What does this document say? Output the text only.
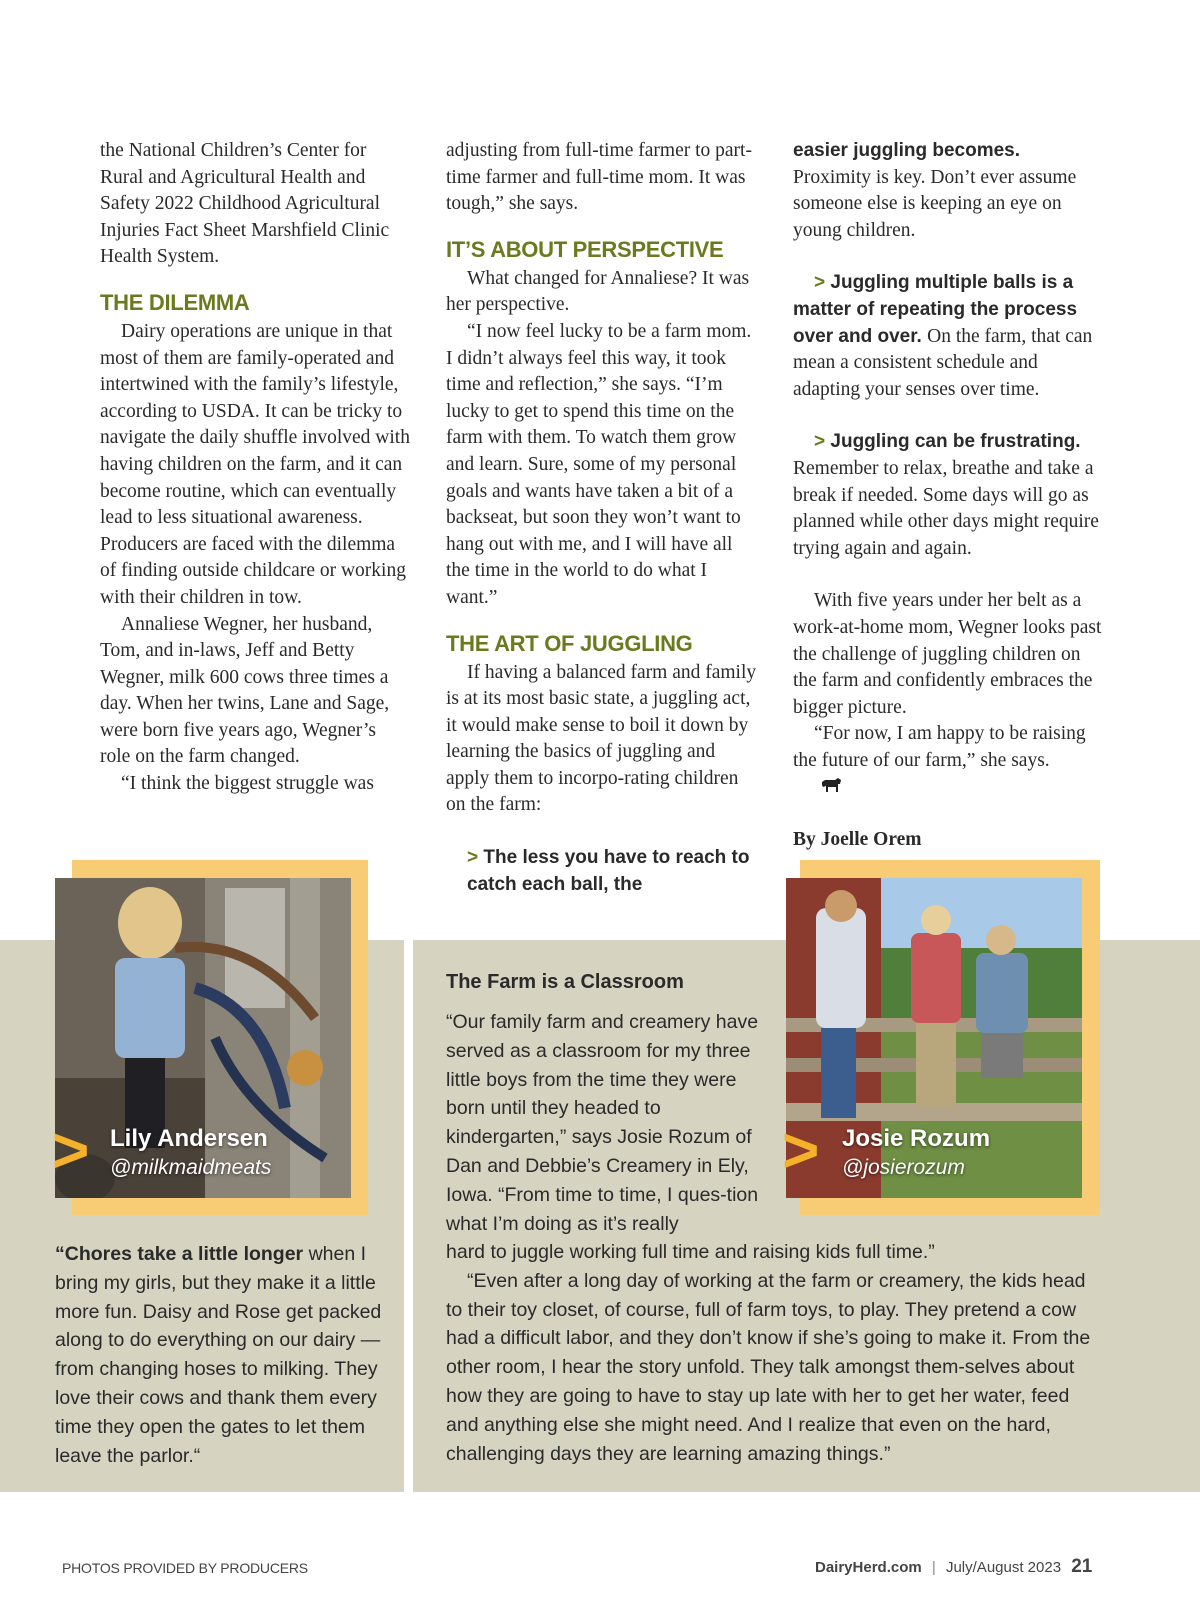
the National Children’s Center for Rural and Agricultural Health and Safety 2022 Childhood Agricultural Injuries Fact Sheet Marshfield Clinic Health System.

THE DILEMMA

Dairy operations are unique in that most of them are family-operated and intertwined with the family’s lifestyle, according to USDA. It can be tricky to navigate the daily shuffle involved with having children on the farm, and it can become routine, which can eventually lead to less situational awareness. Producers are faced with the dilemma of finding outside childcare or working with their children in tow.

Annaliese Wegner, her husband, Tom, and in-laws, Jeff and Betty Wegner, milk 600 cows three times a day. When her twins, Lane and Sage, were born five years ago, Wegner’s role on the farm changed.

“I think the biggest struggle was

adjusting from full-time farmer to part-time farmer and full-time mom. It was tough,” she says.

IT’S ABOUT PERSPECTIVE

What changed for Annaliese? It was her perspective.

“I now feel lucky to be a farm mom. I didn’t always feel this way, it took time and reflection,” she says. “I’m lucky to get to spend this time on the farm with them. To watch them grow and learn. Sure, some of my personal goals and wants have taken a bit of a backseat, but soon they won’t want to hang out with me, and I will have all the time in the world to do what I want.”

THE ART OF JUGGLING

If having a balanced farm and family is at its most basic state, a juggling act, it would make sense to boil it down by learning the basics of juggling and apply them to incorpo-rating children on the farm:

> The less you have to reach to catch each ball, the

easier juggling becomes.

Proximity is key. Don’t ever assume someone else is keeping an eye on young children.

> Juggling multiple balls is a matter of repeating the process over and over. On the farm, that can mean a consistent schedule and adapting your senses over time.

> Juggling can be frustrating. Remember to relax, breathe and take a break if needed. Some days will go as planned while other days might require trying again and again.

With five years under her belt as a work-at-home mom, Wegner looks past the challenge of juggling children on the farm and confidently embraces the bigger picture.

“For now, I am happy to be raising the future of our farm,” she says.

By Joelle Orem

> Lily Andersen
@milkmaidmeats

“Chores take a little longer when I bring my girls, but they make it a little more fun. Daisy and Rose get packed along to do everything on our dairy — from changing hoses to milking. They love their cows and thank them every time they open the gates to let them leave the parlor.“

The Farm is a Classroom
“Our family farm and creamery have served as a classroom for my three little boys from the time they were born until they headed to kindergarten,” says Josie Rozum of Dan and Debbie’s Creamery in Ely, Iowa. “From time to time, I ques-tion what I’m doing as it’s really

hard to juggle working full time and raising kids full time.”

“Even after a long day of working at the farm or creamery, the kids head to their toy closet, of course, full of farm toys, to play. They pretend a cow had a difficult labor, and they don’t know if she’s going to make it. From the other room, I hear the story unfold. They talk amongst them-selves about how they are going to have to stay up late with her to get her water, feed and anything else she might need. And I realize that even on the hard, challenging days they are learning amazing things.”

> Josie Rozum
@josierozum
PHOTOS PROVIDED BY PRODUCERS	DairyHerd.com | July/August 2023 21
